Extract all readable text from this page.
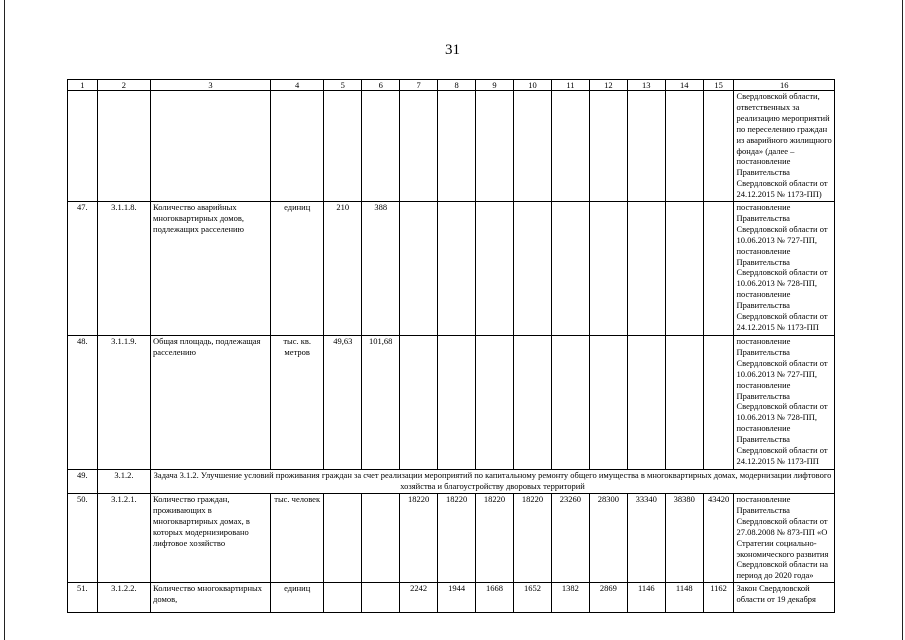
31
1	2	3	4	5	6	7	8	9	10	11	12	13	14	15	16
															Свердловской области, ответственных за реализацию мероприятий по переселению граждан из аварийного жилищного фонда» (далее – постановление Правительства Свердловской области от 24.12.2015 № 1173-ПП)
47.	3.1.1.8.	Количество аварийных многоквартирных домов, подлежащих расселению	единиц	210	388										постановление Правительства Свердловской области от 10.06.2013 № 727-ПП, постановление Правительства Свердловской области от 10.06.2013 № 728-ПП, постановление Правительства Свердловской области от 24.12.2015 № 1173-ПП
48.	3.1.1.9.	Общая площадь, подлежащая расселению	тыс. кв. метров	49,63	101,68										постановление Правительства Свердловской области от 10.06.2013 № 727-ПП, постановление Правительства Свердловской области от 10.06.2013 № 728-ПП, постановление Правительства Свердловской области от 24.12.2015 № 1173-ПП
49.	3.1.2.	Задача 3.1.2. Улучшение условий проживания граждан за счет реализации мероприятий по капитальному ремонту общего имущества в многоквартирных домах, модернизации лифтового хозяйства и благоустройству дворовых территорий													
50.	3.1.2.1.	Количество граждан, проживающих в многоквартирных домах, в которых модернизировано лифтовое хозяйство	тыс. человек			18220	18220	18220	18220	23260	28300	33340	38380	43420	постановление Правительства Свердловской области от 27.08.2008 № 873-ПП «О Стратегии социально-экономического развития Свердловской области на период до 2020 года»
51.	3.1.2.2.	Количество многоквартирных домов,	единиц			2242	1944	1668	1652	1382	2869	1146	1148	1162	Закон Свердловской области от 19 декабря
